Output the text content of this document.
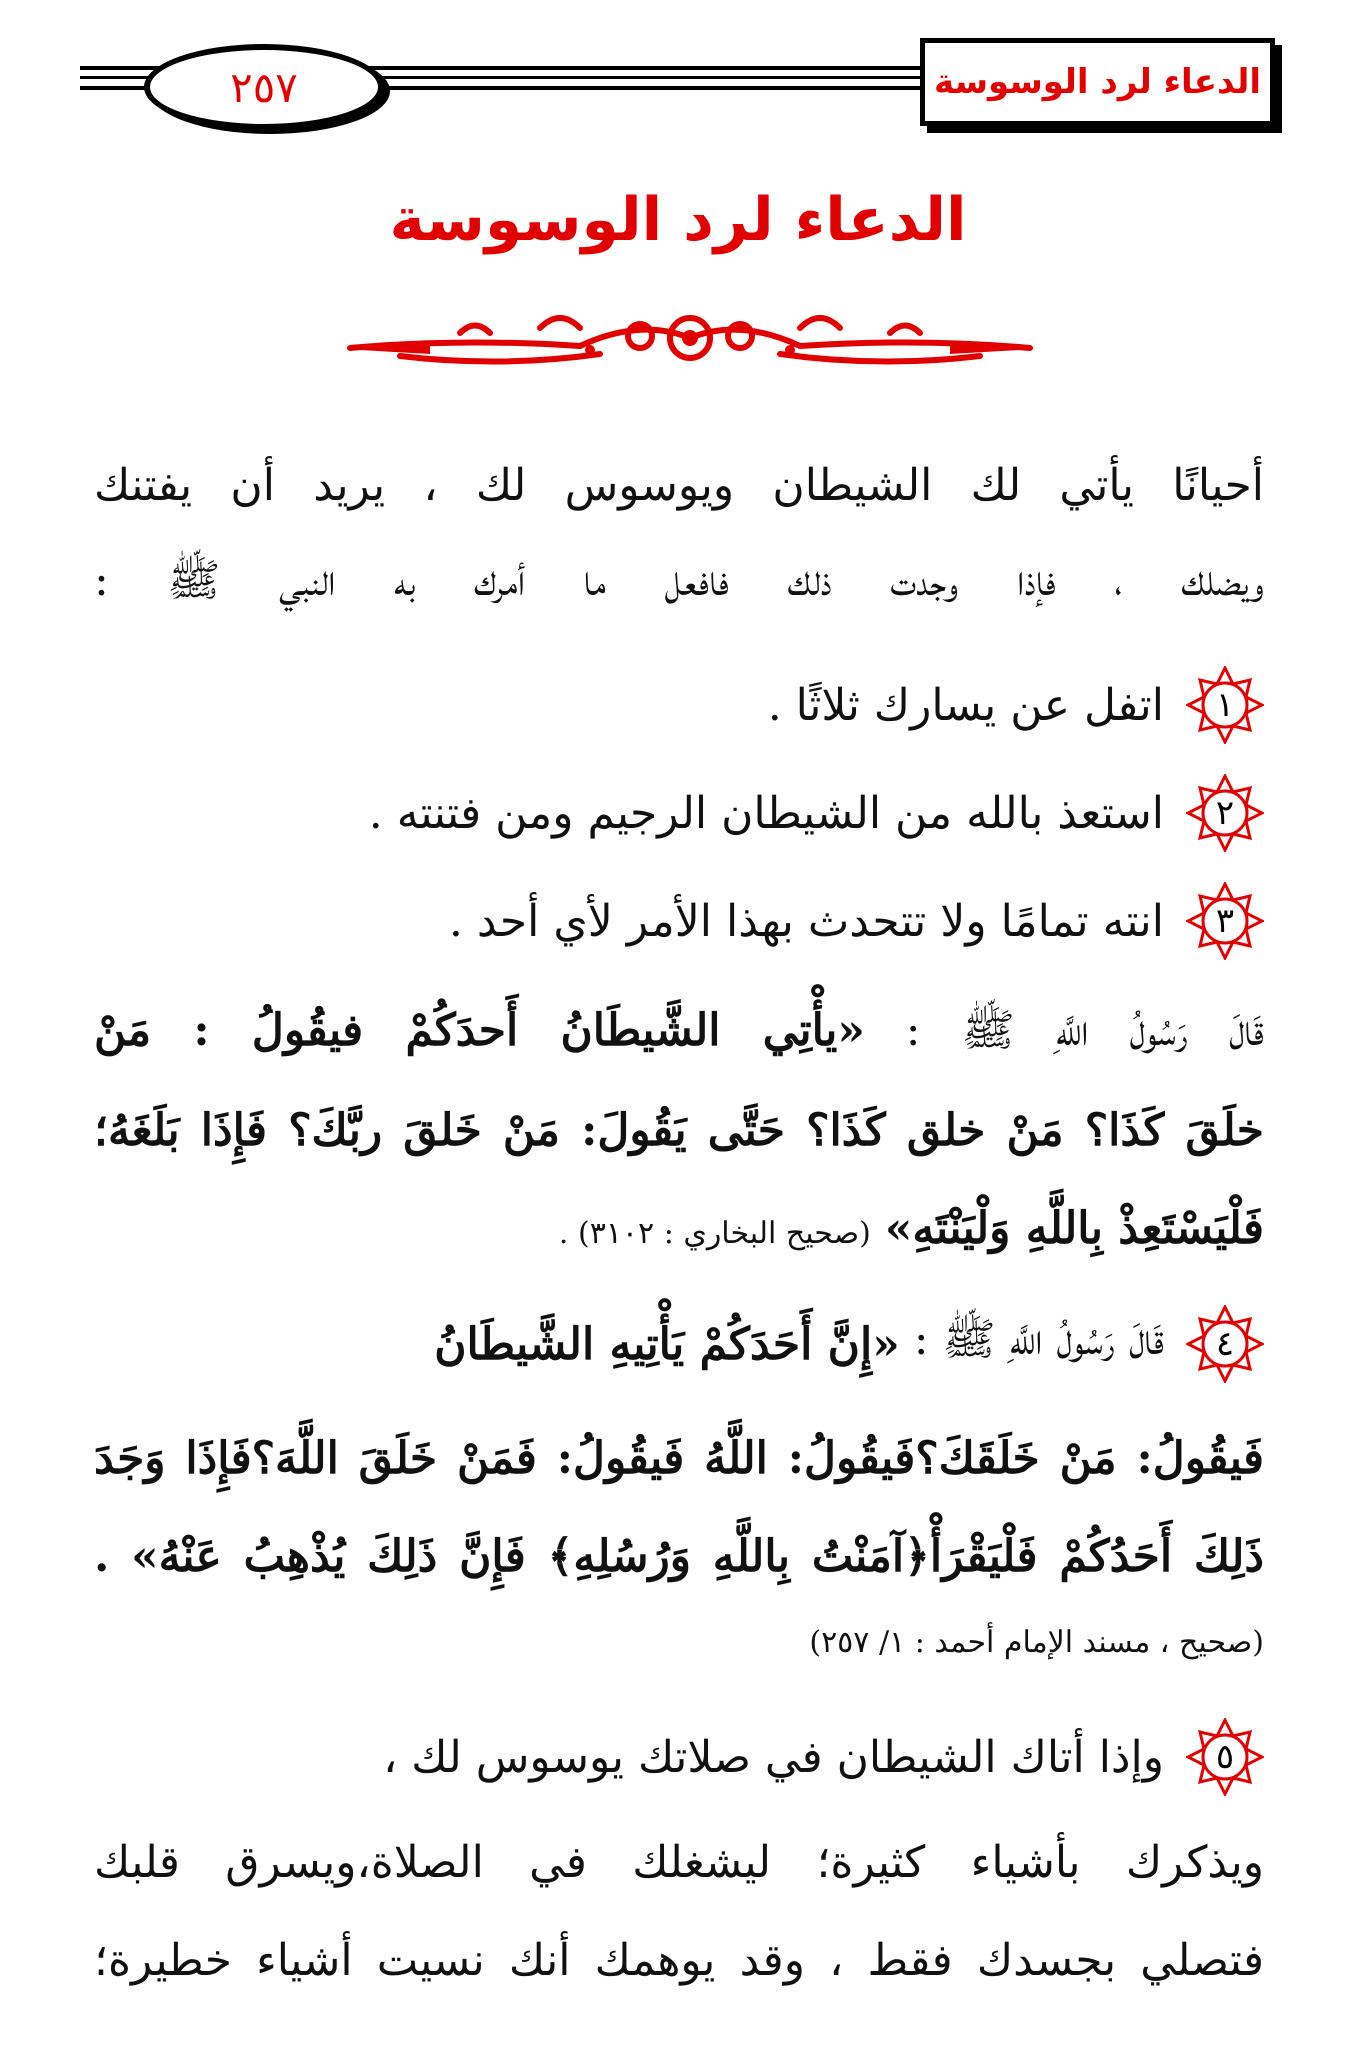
٢٥٧	الدعاء لرد الوسوسة
الدعاء لرد الوسوسة
أحيانًا يأتي لك الشيطان ويوسوس لك ، يريد أن يفتنك
ويضلك ، فإذا وجدت ذلك فافعل ما أمرك به النبي ﷺ :
١
اتفل عن يسارك ثلاثًا .
٢
استعذ بالله من الشيطان الرجيم ومن فتنته .
٣
انته تمامًا ولا تتحدث بهذا الأمر لأي أحد .
قَالَ رَسُولُ اللَّهِ ﷺ : «يأْتِي الشَّيطَانُ أَحدَكُمْ فيقُولُ : مَنْ
خلَقَ كَذَا؟ مَنْ خلق كَذَا؟ حَتَّى يَقُولَ: مَنْ خَلقَ ربَّكَ؟ فَإِذَا بَلَغَهُ؛
فَلْيَسْتَعِذْ بِاللَّهِ وَلْيَنْتَهِ» (صحيح البخاري : ٣١٠٢) .
٤
قَالَ رَسُولُ اللَّهِ ﷺ :
«إِنَّ أَحَدَكُمْ يَأْتِيهِ الشَّيطَانُ
فَيقُولُ: مَنْ خَلَقَكَ؟فَيقُولُ: اللَّهُ فَيقُولُ: فَمَنْ خَلَقَ اللَّهَ؟فَإِذَا وَجَدَ
ذَلِكَ أَحَدُكُمْ فَلْيَقْرَأْ﴿آمَنْتُ بِاللَّهِ وَرُسُلِهِ﴾ فَإِنَّ ذَلِكَ يُذْهِبُ عَنْهُ» .
(صحيح ، مسند الإمام أحمد : ١/ ٢٥٧)
٥
وإذا أتاك الشيطان في صلاتك يوسوس لك ،
ويذكرك بأشياء كثيرة؛ ليشغلك في الصلاة،ويسرق قلبك
فتصلي بجسدك فقط ، وقد يوهمك أنك نسيت أشياء خطيرة؛
